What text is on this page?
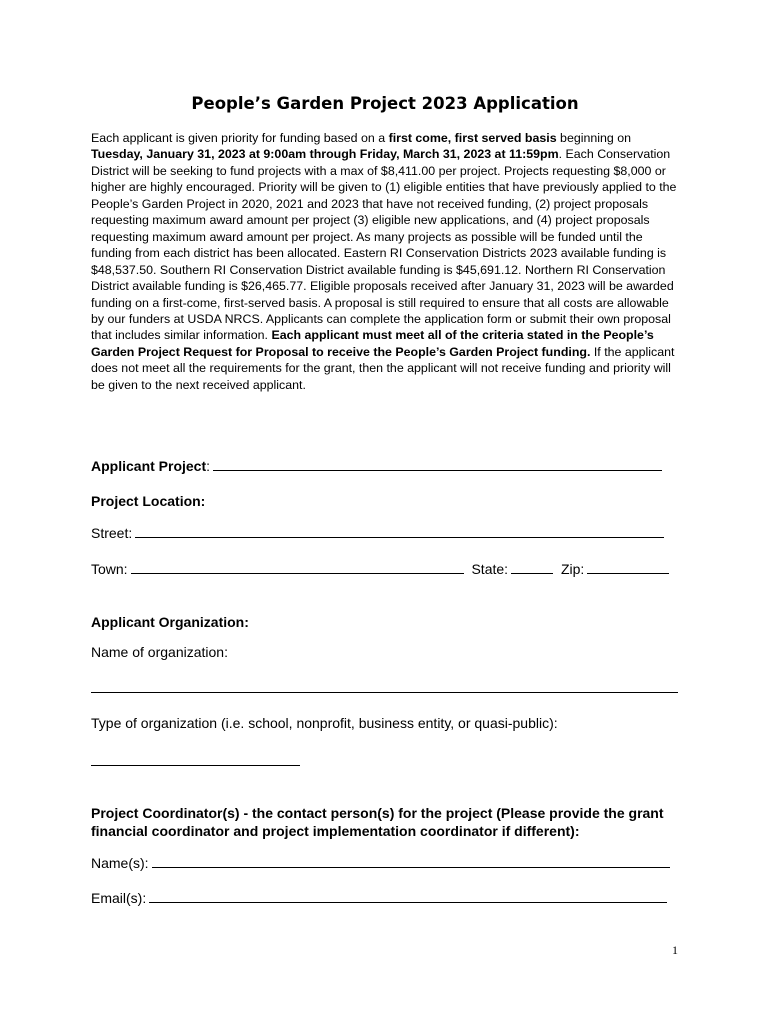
People’s Garden Project 2023 Application
Each applicant is given priority for funding based on a first come, first served basis beginning on Tuesday, January 31, 2023 at 9:00am through Friday, March 31, 2023 at 11:59pm. Each Conservation District will be seeking to fund projects with a max of $8,411.00 per project. Projects requesting $8,000 or higher are highly encouraged. Priority will be given to (1) eligible entities that have previously applied to the People’s Garden Project in 2020, 2021 and 2023 that have not received funding, (2) project proposals requesting maximum award amount per project (3) eligible new applications, and (4) project proposals requesting maximum award amount per project. As many projects as possible will be funded until the funding from each district has been allocated. Eastern RI Conservation Districts 2023 available funding is $48,537.50. Southern RI Conservation District available funding is $45,691.12. Northern RI Conservation District available funding is $26,465.77. Eligible proposals received after January 31, 2023 will be awarded funding on a first-come, first-served basis. A proposal is still required to ensure that all costs are allowable by our funders at USDA NRCS. Applicants can complete the application form or submit their own proposal that includes similar information. Each applicant must meet all of the criteria stated in the People’s Garden Project Request for Proposal to receive the People’s Garden Project funding. If the applicant does not meet all the requirements for the grant, then the applicant will not receive funding and priority will be given to the next received applicant.
Applicant Project:
Project Location:
Street:
Town:	State:	Zip:
Applicant Organization:
Name of organization:
Type of organization (i.e. school, nonprofit, business entity, or quasi-public):
Project Coordinator(s) - the contact person(s) for the project (Please provide the grant financial coordinator and project implementation coordinator if different):
Name(s):
Email(s):
1
